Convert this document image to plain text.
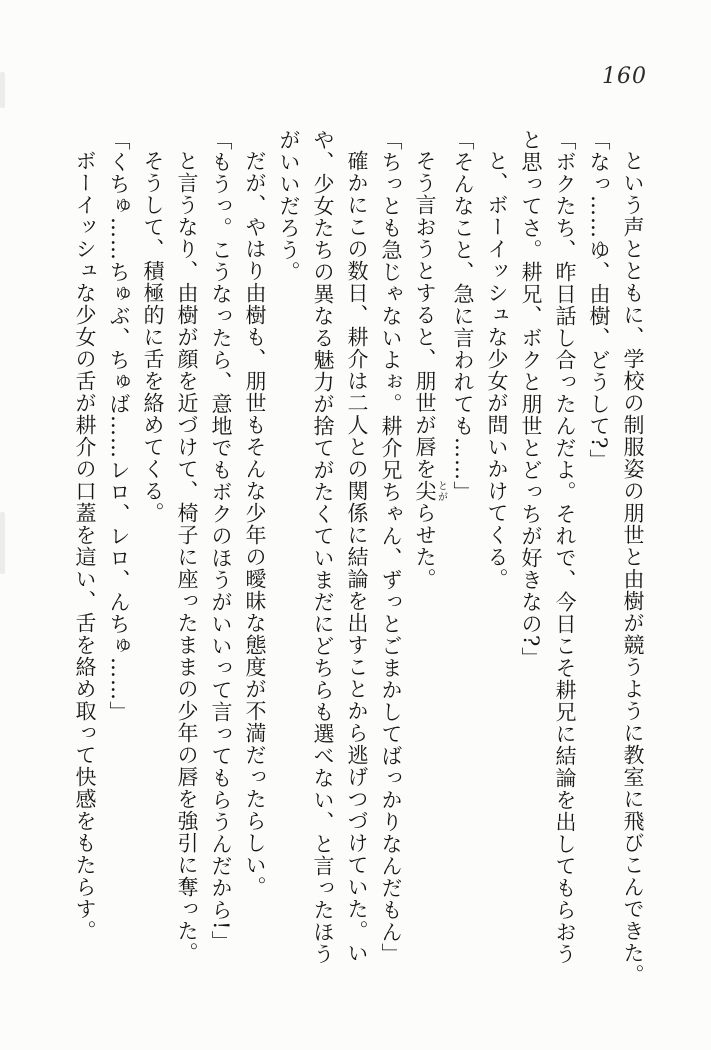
160

という声とともに、学校の制服姿の朋世と由樹が競うように教室に飛びこんできた。

「なっ……ゆ、由樹、どうして?」

「ボクたち、昨日話し合ったんだよ。それで、今日こそ耕兄に結論を出してもらおう

と思ってさ。耕兄、ボクと朋世とどっちが好きなの?」

と、ボーイッシュな少女が問いかけてくる。

「そんなこと、急に言われても……」

そう言おうとすると、朋世が唇を尖とがらせた。

「ちっとも急じゃないよぉ。耕介兄ちゃん、ずっとごまかしてばっかりなんだもん」

確かにこの数日、耕介は二人との関係に結論を出すことから逃げつづけていた。い

や、少女たちの異なる魅力が捨てがたくていまだにどちらも選べない、と言ったほう

がいいだろう。

だが、やはり由樹も、朋世もそんな少年の曖昧な態度が不満だったらしい。

「もうっ。こうなったら、意地でもボクのほうがいいって言ってもらうんだから!」

と言うなり、由樹が顔を近づけて、椅子に座ったままの少年の唇を強引に奪った。

そうして、積極的に舌を絡めてくる。

「くちゅ……ちゅぶ、ちゅば……レロ、レロ、んちゅ……」

ボーイッシュな少女の舌が耕介の口蓋を這い、舌を絡め取って快感をもたらす。
